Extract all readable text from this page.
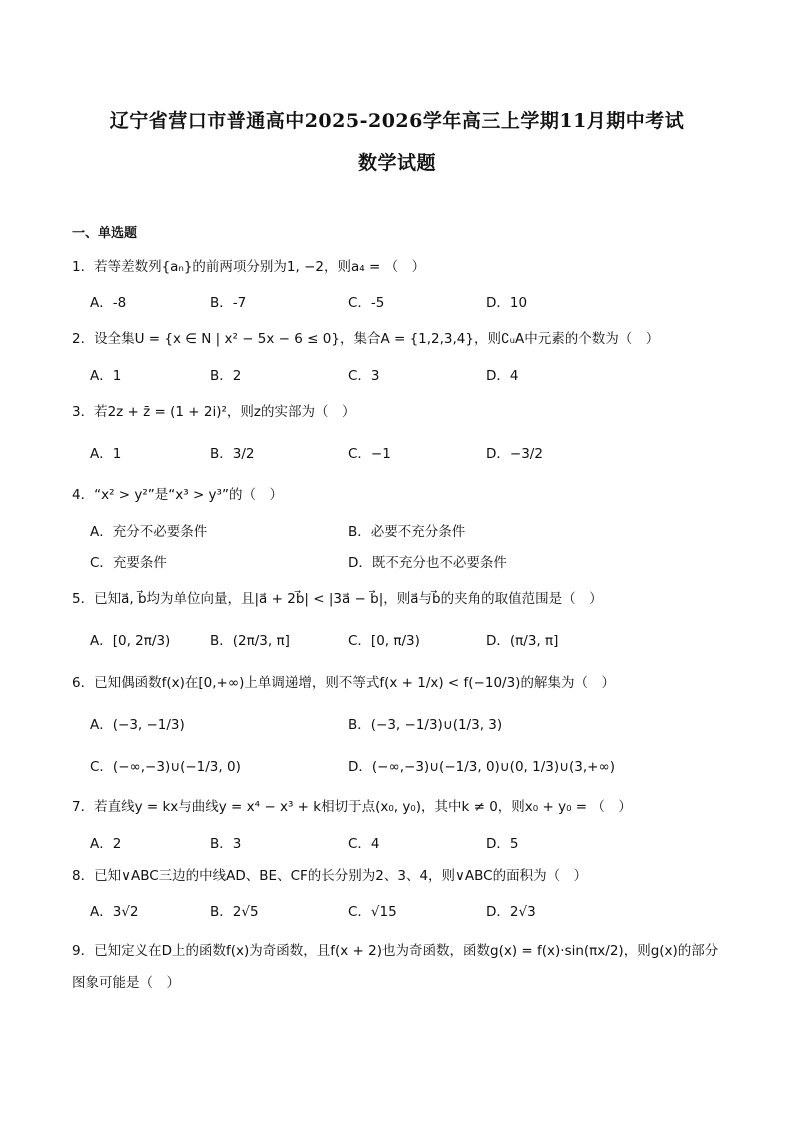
辽宁省营口市普通高中2025-2026学年高三上学期11月期中考试
数学试题
一、单选题
1．若等差数列{aₙ}的前两项分别为1, −2，则a₄ = （　）
A．-8	B．-7	C．-5	D．10
2．设全集U = {x ∈ N | x² − 5x − 6 ≤ 0}，集合A = {1,2,3,4}，则∁ᵤA中元素的个数为（　）
A．1	B．2	C．3	D．4
3．若2z + z̄ = (1 + 2i)²，则z的实部为（　）
A．1	B．3/2	C．−1	D．−3/2
4．“x² > y²”是“x³ > y³”的（　）
A．充分不必要条件	B．必要不充分条件
C．充要条件	D．既不充分也不必要条件
5．已知a⃗, b⃗均为单位向量，且|a⃗ + 2b⃗| < |3a⃗ − b⃗|，则a⃗与b⃗的夹角的取值范围是（　）
A．[0, 2π/3)	B．(2π/3, π]	C．[0, π/3)	D．(π/3, π]
6．已知偶函数f(x)在[0,+∞)上单调递增，则不等式f(x + 1/x) < f(−10/3)的解集为（　）
A．(−3, −1/3)	B．(−3, −1/3)∪(1/3, 3)
C．(−∞,−3)∪(−1/3, 0)	D．(−∞,−3)∪(−1/3, 0)∪(0, 1/3)∪(3,+∞)
7．若直线y = kx与曲线y = x⁴ − x³ + k相切于点(x₀, y₀)，其中k ≠ 0，则x₀ + y₀ = （　）
A．2	B．3	C．4	D．5
8．已知∨ABC三边的中线AD、BE、CF的长分别为2、3、4，则∨ABC的面积为（　）
A．3√2	B．2√5	C．√15	D．2√3
9．已知定义在D上的函数f(x)为奇函数，且f(x + 2)也为奇函数，函数g(x) = f(x)·sin(πx/2)，则g(x)的部分图象可能是（　）
